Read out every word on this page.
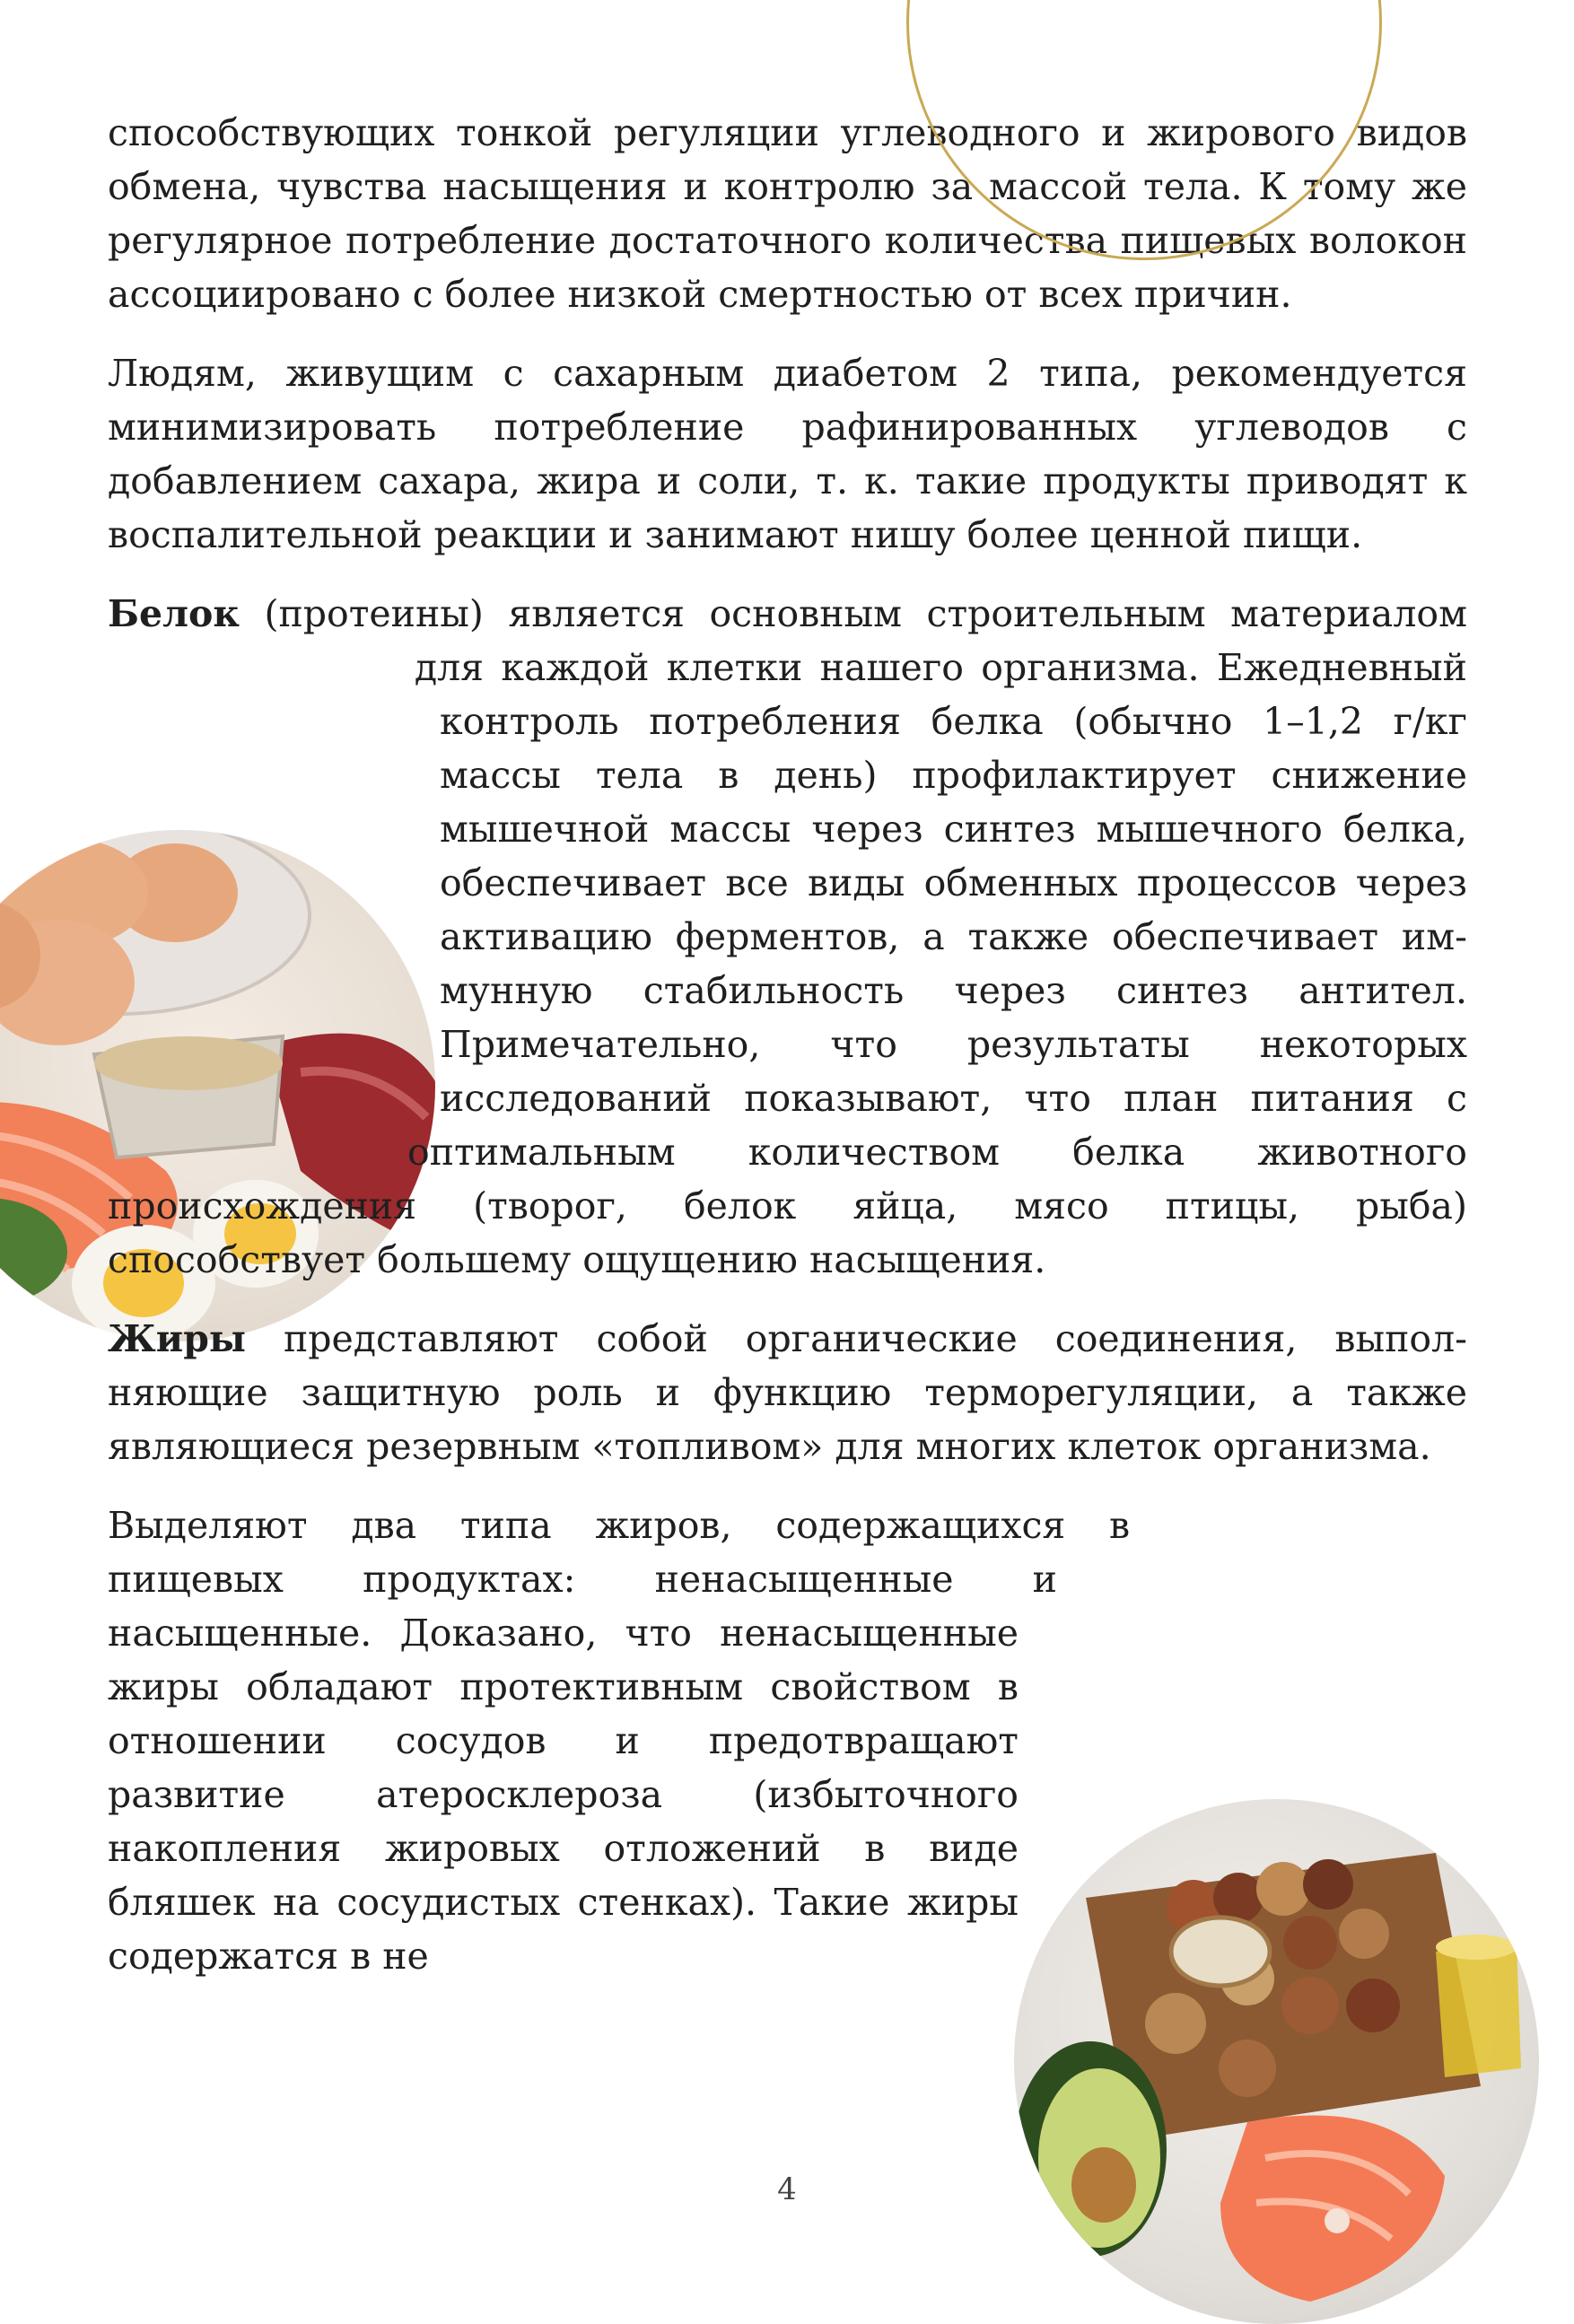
способствующих тонкой регуляции углеводного и жирового видов обмена, чувства насыщения и контролю за массой тела. К тому же регулярное потребление достаточного количества пищевых волокон ассоциировано с более низкой смертностью от всех причин.

Людям, живущим с сахарным диабетом 2 типа, рекомендуется минимизировать потребление рафинированных углеводов с добавлением сахара, жира и соли, т. к. такие продукты приводят к воспалительной реакции и занимают нишу более ценной пищи.

Белок (протеины) является основным строительным материалом для каждой клетки нашего организма. Ежедневный контроль потребления белка (обычно 1–1,2 г/кг массы тела в день) профилактирует снижение мышечной массы через синтез мышечного белка, обеспечивает все виды обменных процессов через активацию ферментов, а также обеспечивает иммунную стабильность через синтез антител. Примечательно, что результаты некоторых исследований показывают, что план питания с оптимальным количеством белка животного происхождения (творог, белок яйца, мясо птицы, рыба) способствует большему ощущению насыщения.

Жиры представляют собой органические соединения, выполняющие защитную роль и функцию терморегуляции, а также являющиеся резервным «топливом» для многих клеток организма.

Выделяют два типа жиров, содержащихся в пищевых продуктах: ненасыщенные и насыщенные. Доказано, что ненасыщенные жиры обладают протективным свойством в отношении сосудов и предотвращают развитие атеросклероза (избыточного накопления жировых отложений в виде бляшек на сосудистых стенках). Такие жиры содержатся в не

4
